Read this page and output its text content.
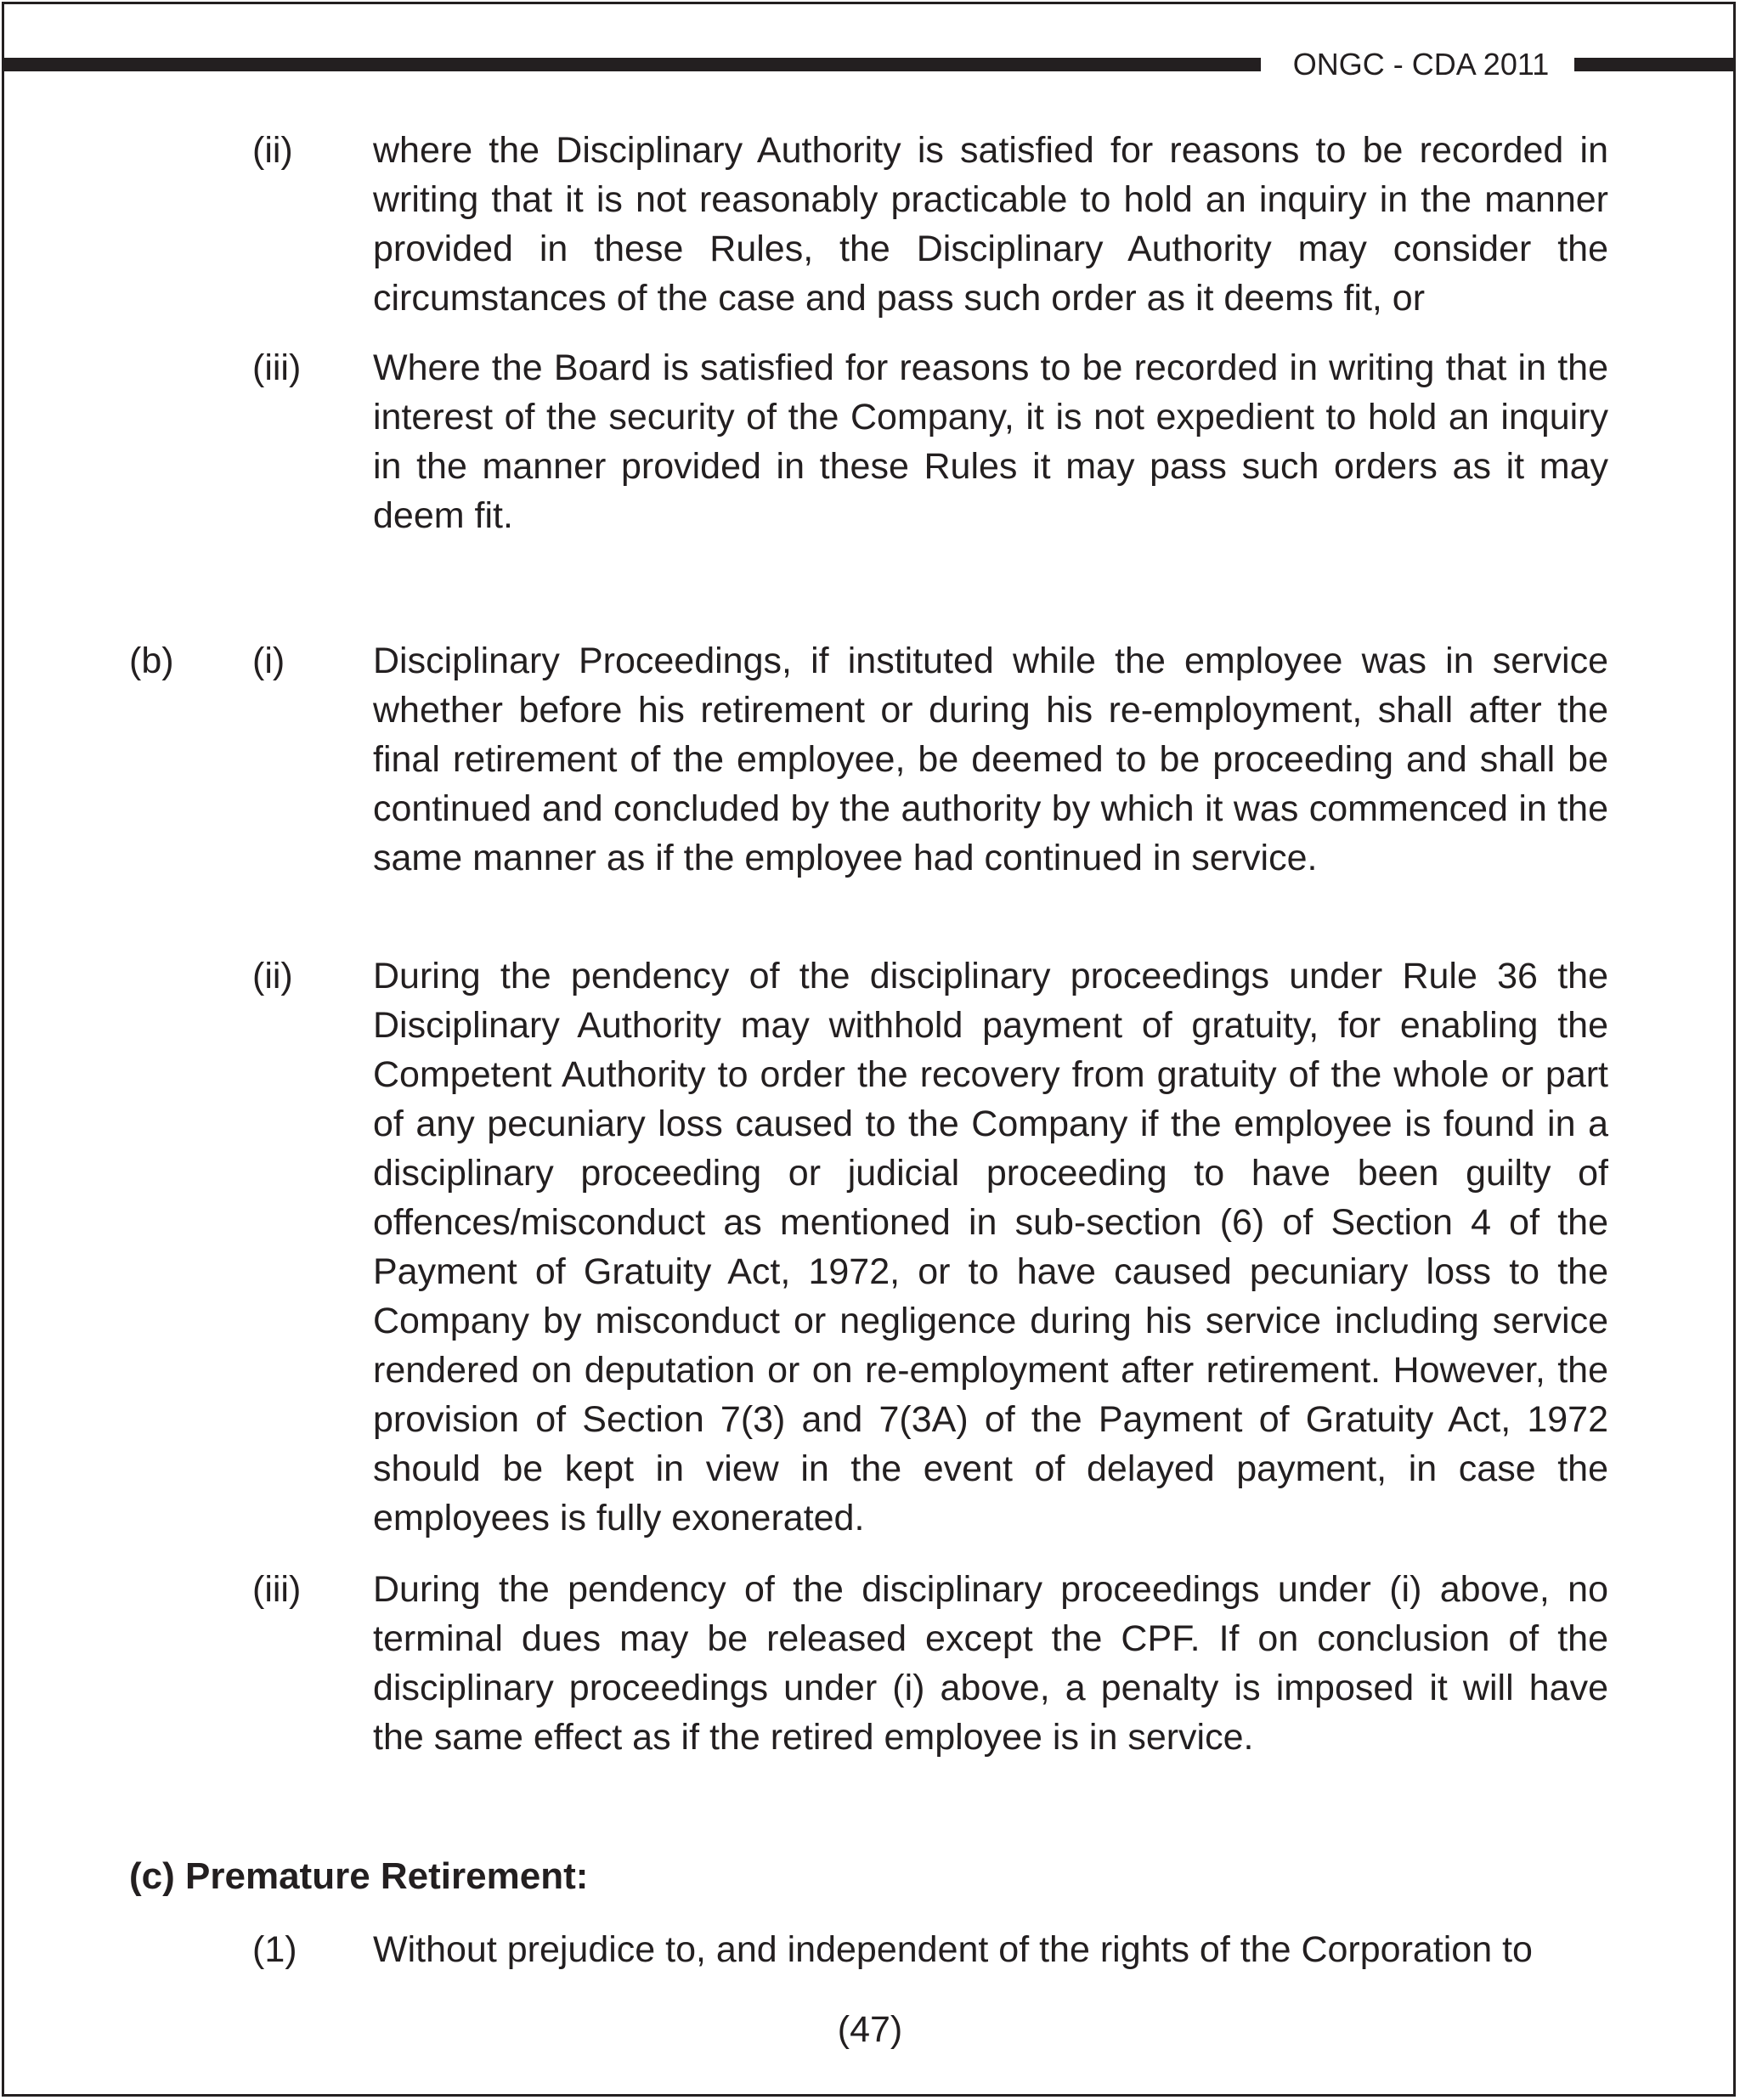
ONGC - CDA 2011
(ii) where the Disciplinary Authority is satisfied for reasons to be recorded in writing that it is not reasonably practicable to hold an inquiry in the manner provided in these Rules, the Disciplinary Authority may consider the circumstances of the case and pass such order as it deems fit, or

(iii) Where the Board is satisfied for reasons to be recorded in writing that in the interest of the security of the Company, it is not expedient to hold an inquiry in the manner provided in these Rules it may pass such orders as it may deem fit.

(b) (i) Disciplinary Proceedings, if instituted while the employee was in service whether before his retirement or during his re-employment, shall after the final retirement of the employee, be deemed to be proceeding and shall be continued and concluded by the authority by which it was commenced in the same manner as if the employee had continued in service.

(ii) During the pendency of the disciplinary proceedings under Rule 36 the Disciplinary Authority may withhold payment of gratuity, for enabling the Competent Authority to order the recovery from gratuity of the whole or part of any pecuniary loss caused to the Company if the employee is found in a disciplinary proceeding or judicial proceeding to have been guilty of offences/misconduct as mentioned in sub-section (6) of Section 4 of the Payment of Gratuity Act, 1972, or to have caused pecuniary loss to the Company by misconduct or negligence during his service including service rendered on deputation or on re-employment after retirement. However, the provision of Section 7(3) and 7(3A) of the Payment of Gratuity Act, 1972 should be kept in view in the event of delayed payment, in case the employees is fully exonerated.

(iii) During the pendency of the disciplinary proceedings under (i) above, no terminal dues may be released except the CPF. If on conclusion of the disciplinary proceedings under (i) above, a penalty is imposed it will have the same effect as if the retired employee is in service.

(c) Premature Retirement:
(1) Without prejudice to, and independent of the rights of the Corporation to

(47)
